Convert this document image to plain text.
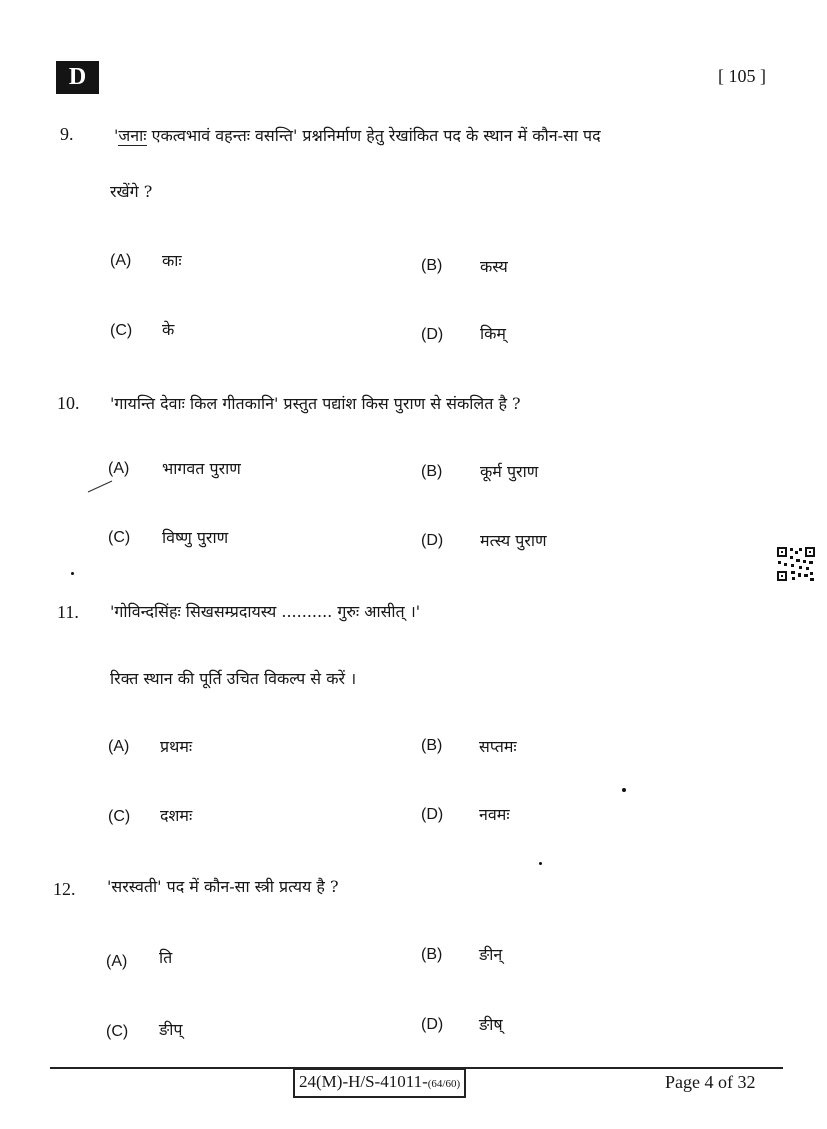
D	[ 105 ]
9.	'जनाः एकत्वभावं वहन्तः वसन्ति' प्रश्ननिर्माण हेतु रेखांकित पद के स्थान में कौन-सा पद
रखेंगे ?
(A) काः	(B) कस्य
(C) के	(D) किम्
10. 'गायन्ति देवाः किल गीतकानि' प्रस्तुत पद्यांश किस पुराण से संकलित है ?
(A) भागवत पुराण	(B) कूर्म पुराण
(C) विष्णु पुराण	(D) मत्स्य पुराण
11. 'गोविन्दसिंहः सिखसम्प्रदायस्य .......... गुरुः आसीत् ।'
रिक्त स्थान की पूर्ति उचित विकल्प से करें ।
(A) प्रथमः	(B) सप्तमः
(C) दशमः	(D) नवमः
12. 'सरस्वती' पद में कौन-सा स्त्री प्रत्यय है ?
(A) ति	(B) ङीन्
(C) ङीप्	(D) ङीष्
24(M)-H/S-41011-(64/60)	Page 4 of 32
